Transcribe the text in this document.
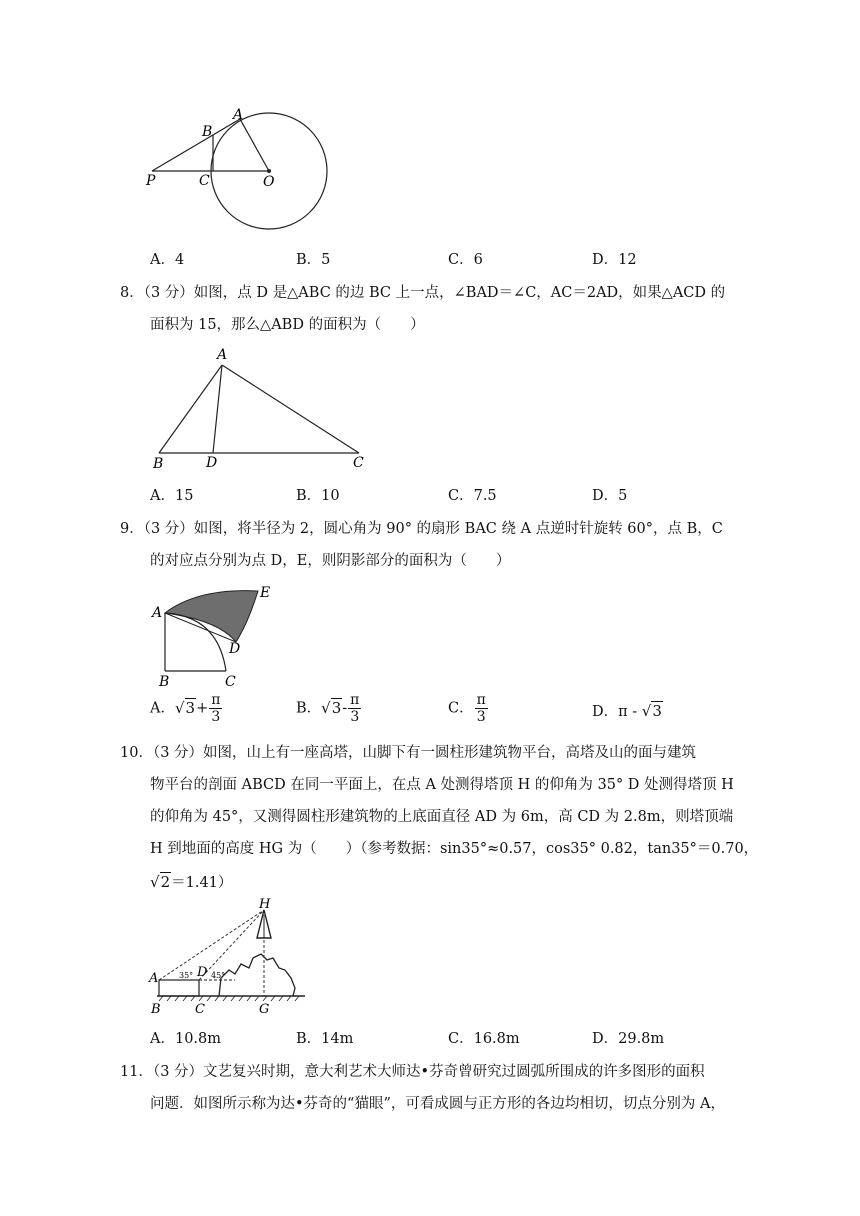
A
B
P	C	O
A．4	B．5	C．6	D．12
8．（3 分）如图，点 D 是△ABC 的边 BC 上一点，∠BAD＝∠C，AC＝2AD，如果△ACD 的
面积为 15，那么△ABD 的面积为（　　）
A
B	D	C
A．15	B．10	C．7.5	D．5
9．（3 分）如图，将半径为 2，圆心角为 90° 的扇形 BAC 绕 A 点逆时针旋转 60°，点 B，C
的对应点分别为点 D，E，则阴影部分的面积为（　　）
A
E
D
B	C
A．$√3+ \frac{\pi}{3}$	B．$√3- \frac{\pi}{3}$	C． $\frac{\pi}{3}$	D．π - √3
10．（3 分）如图，山上有一座高塔，山脚下有一圆柱形建筑物平台，高塔及山的面与建筑
物平台的剖面 ABCD 在同一平面上，在点 A 处测得塔顶 H 的仰角为 35° D 处测得塔顶 H
的仰角为 45°，又测得圆柱形建筑物的上底面直径 AD 为 6m，高 CD 为 2.8m，则塔顶端
H 到地面的高度 HG 为（　　）（参考数据：sin35°≈0.57，cos35° 0.82，tan35°＝0.70，
√2＝1.41）
H
A	D
B	C	G
35° 45°
A．10.8m	B．14m	C．16.8m	D．29.8m
11．（3 分）文艺复兴时期，意大利艺术大师达•芬奇曾研究过圆弧所围成的许多图形的面积
问题．如图所示称为达•芬奇的“猫眼”，可看成圆与正方形的各边均相切，切点分别为 A，
